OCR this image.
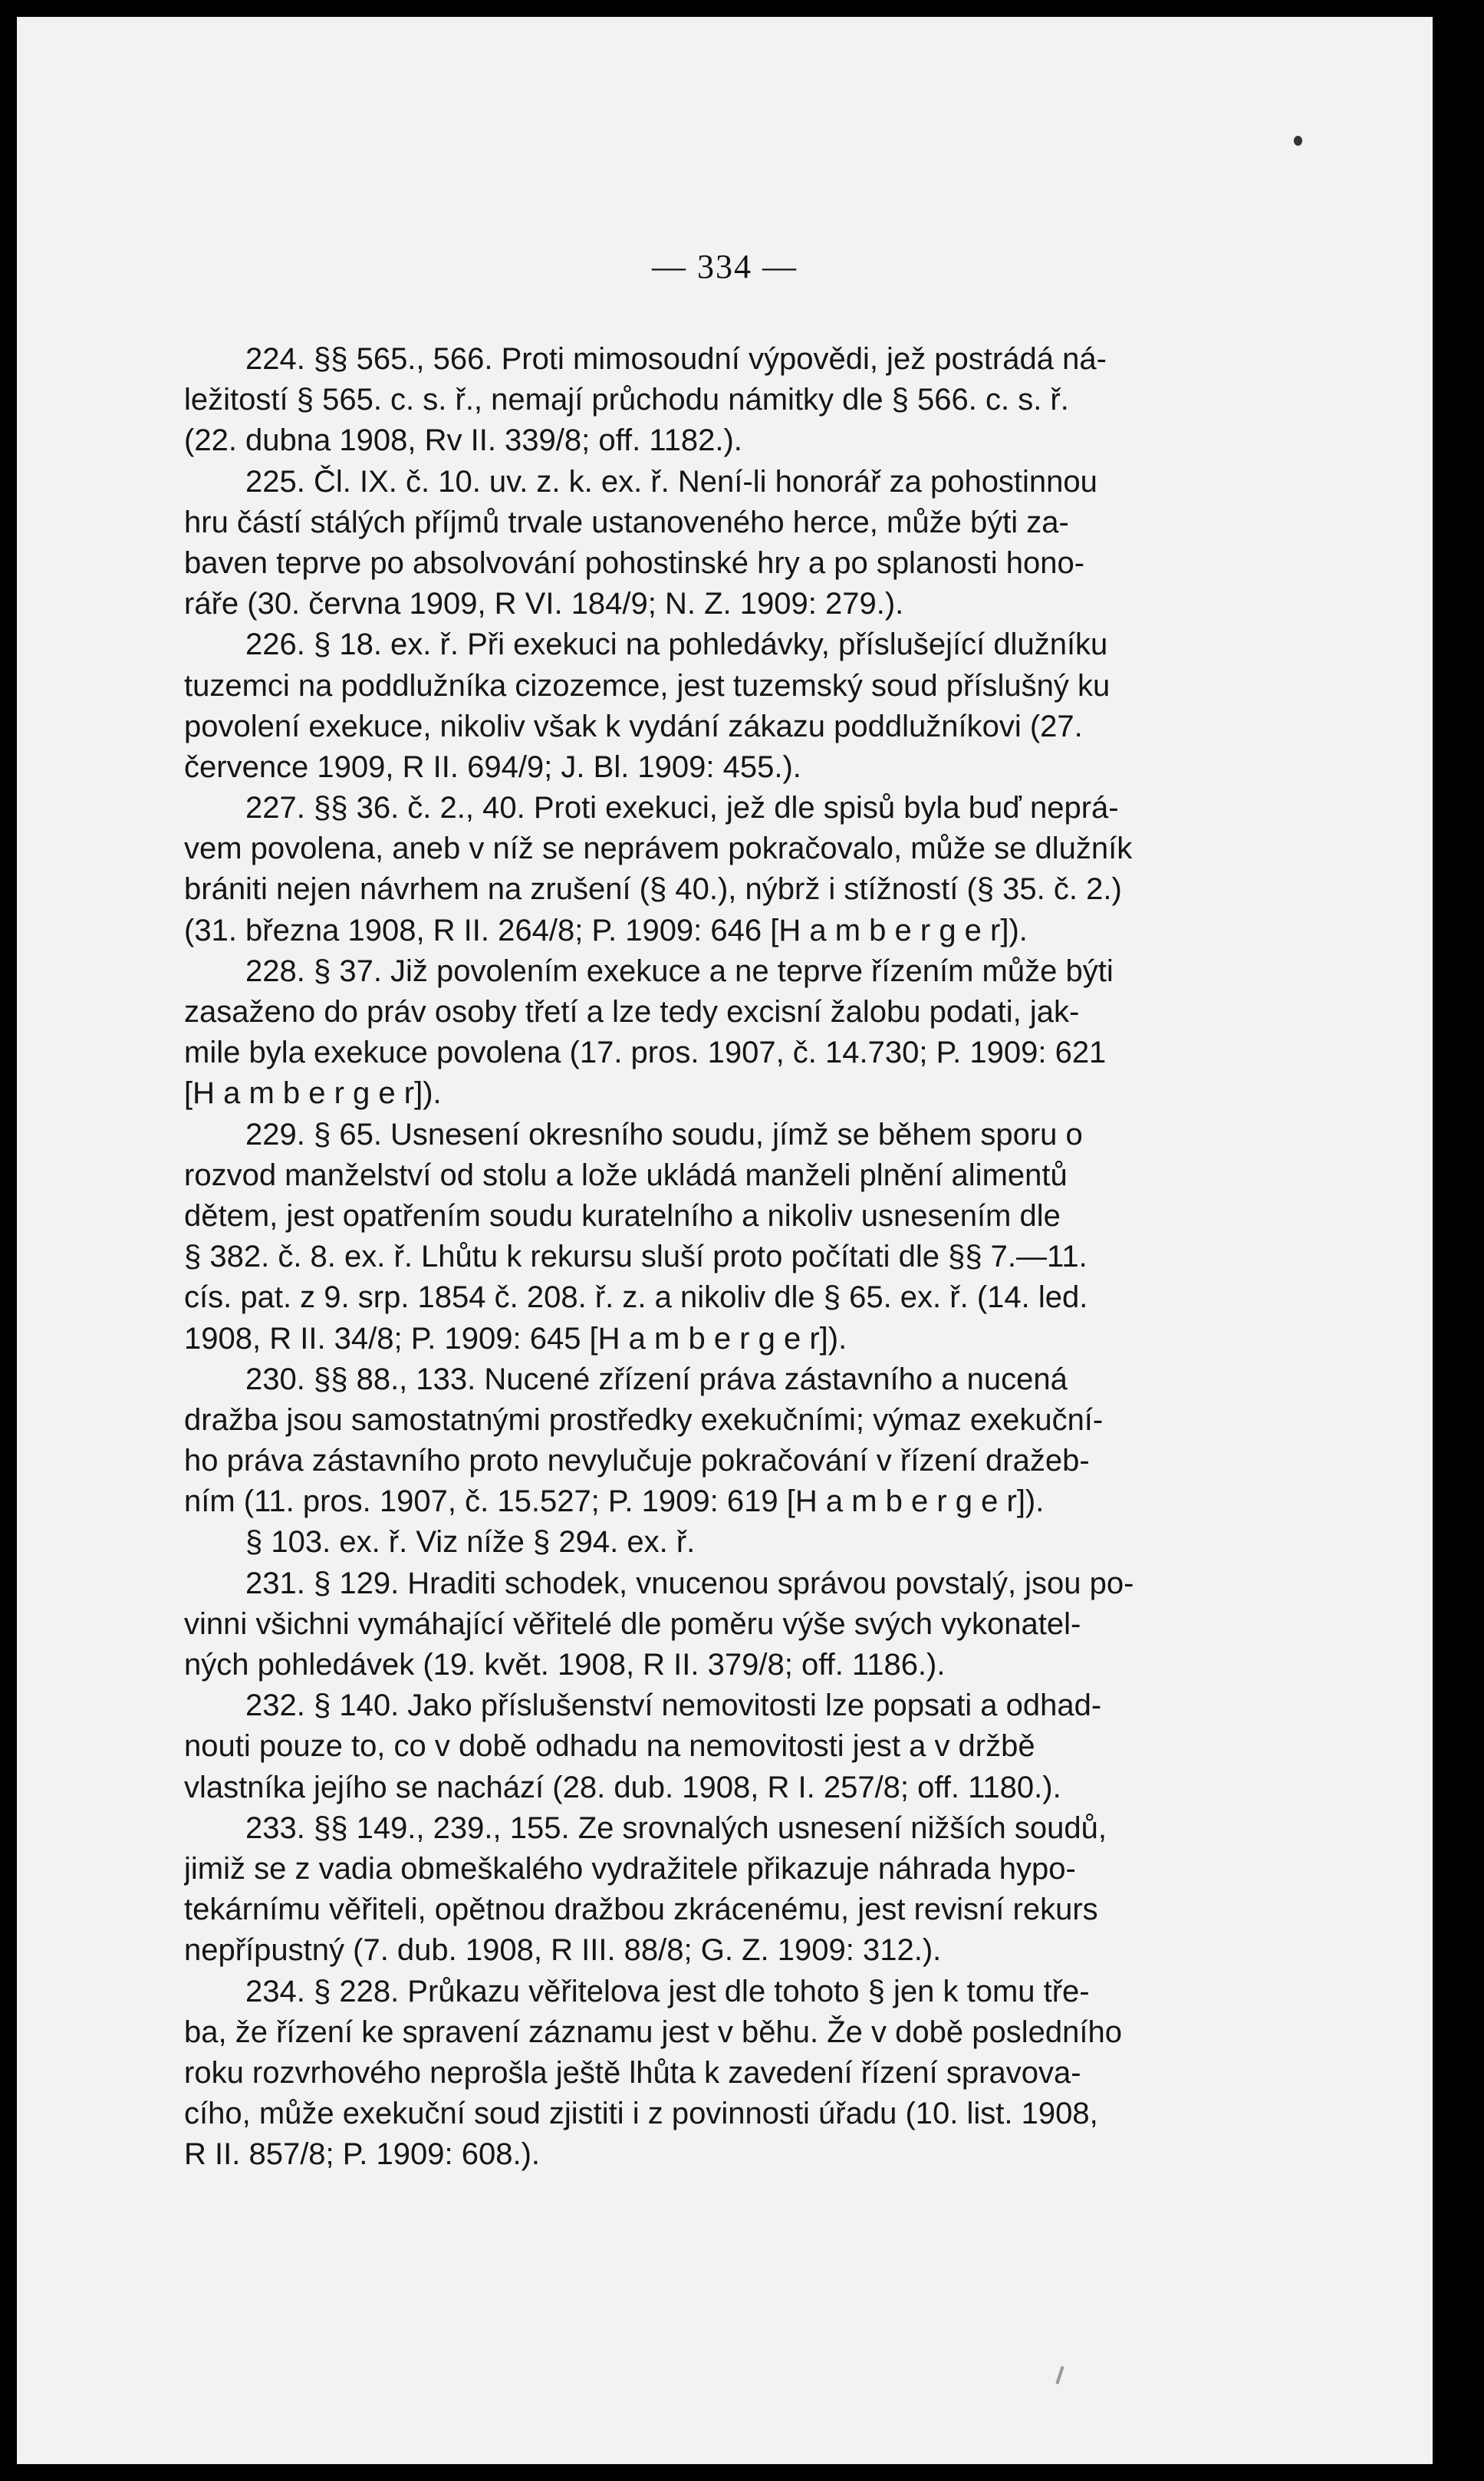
— 334 —
224. §§ 565., 566. Proti mimosoudní výpovědi, jež postrádá ná-
ležitostí § 565. c. s. ř., nemají průchodu námitky dle § 566. c. s. ř.
(22. dubna 1908, Rv II. 339/8; off. 1182.).
225. Čl. IX. č. 10. uv. z. k. ex. ř. Není-li honorář za pohostinnou
hru částí stálých příjmů trvale ustanoveného herce, může býti za-
baven teprve po absolvování pohostinské hry a po splanosti hono-
ráře (30. června 1909, R VI. 184/9; N. Z. 1909: 279.).
226. § 18. ex. ř. Při exekuci na pohledávky, příslušející dlužníku
tuzemci na poddlužníka cizozemce, jest tuzemský soud příslušný ku
povolení exekuce, nikoliv však k vydání zákazu poddlužníkovi (27.
července 1909, R II. 694/9; J. Bl. 1909: 455.).
227. §§ 36. č. 2., 40. Proti exekuci, jež dle spisů byla buď neprá-
vem povolena, aneb v níž se neprávem pokračovalo, může se dlužník
brániti nejen návrhem na zrušení (§ 40.), nýbrž i stížností (§ 35. č. 2.)
(31. března 1908, R II. 264/8; P. 1909: 646 [H a m b e r g e r]).
228. § 37. Již povolením exekuce a ne teprve řízením může býti
zasaženo do práv osoby třetí a lze tedy excisní žalobu podati, jak-
mile byla exekuce povolena (17. pros. 1907, č. 14.730; P. 1909: 621
[H a m b e r g e r]).
229. § 65. Usnesení okresního soudu, jímž se během sporu o
rozvod manželství od stolu a lože ukládá manželi plnění alimentů
dětem, jest opatřením soudu kuratelního a nikoliv usnesením dle
§ 382. č. 8. ex. ř. Lhůtu k rekursu sluší proto počítati dle §§ 7.—11.
cís. pat. z 9. srp. 1854 č. 208. ř. z. a nikoliv dle § 65. ex. ř. (14. led.
1908, R II. 34/8; P. 1909: 645 [H a m b e r g e r]).
230. §§ 88., 133. Nucené zřízení práva zástavního a nucená
dražba jsou samostatnými prostředky exekučními; výmaz exekuční-
ho práva zástavního proto nevylučuje pokračování v řízení dražeb-
ním (11. pros. 1907, č. 15.527; P. 1909: 619 [H a m b e r g e r]).
§ 103. ex. ř. Viz níže § 294. ex. ř.
231. § 129. Hraditi schodek, vnucenou správou povstalý, jsou po-
vinni všichni vymáhající věřitelé dle poměru výše svých vykonatel-
ných pohledávek (19. květ. 1908, R II. 379/8; off. 1186.).
232. § 140. Jako příslušenství nemovitosti lze popsati a odhad-
nouti pouze to, co v době odhadu na nemovitosti jest a v držbě
vlastníka jejího se nachází (28. dub. 1908, R I. 257/8; off. 1180.).
233. §§ 149., 239., 155. Ze srovnalých usnesení nižších soudů,
jimiž se z vadia obmeškalého vydražitele přikazuje náhrada hypo-
tekárnímu věřiteli, opětnou dražbou zkrácenému, jest revisní rekurs
nepřípustný (7. dub. 1908, R III. 88/8; G. Z. 1909: 312.).
234. § 228. Průkazu věřitelova jest dle tohoto § jen k tomu tře-
ba, že řízení ke spravení záznamu jest v běhu. Že v době posledního
roku rozvrhového neprošla ještě lhůta k zavedení řízení spravova-
cího, může exekuční soud zjistiti i z povinnosti úřadu (10. list. 1908,
R II. 857/8; P. 1909: 608.).
